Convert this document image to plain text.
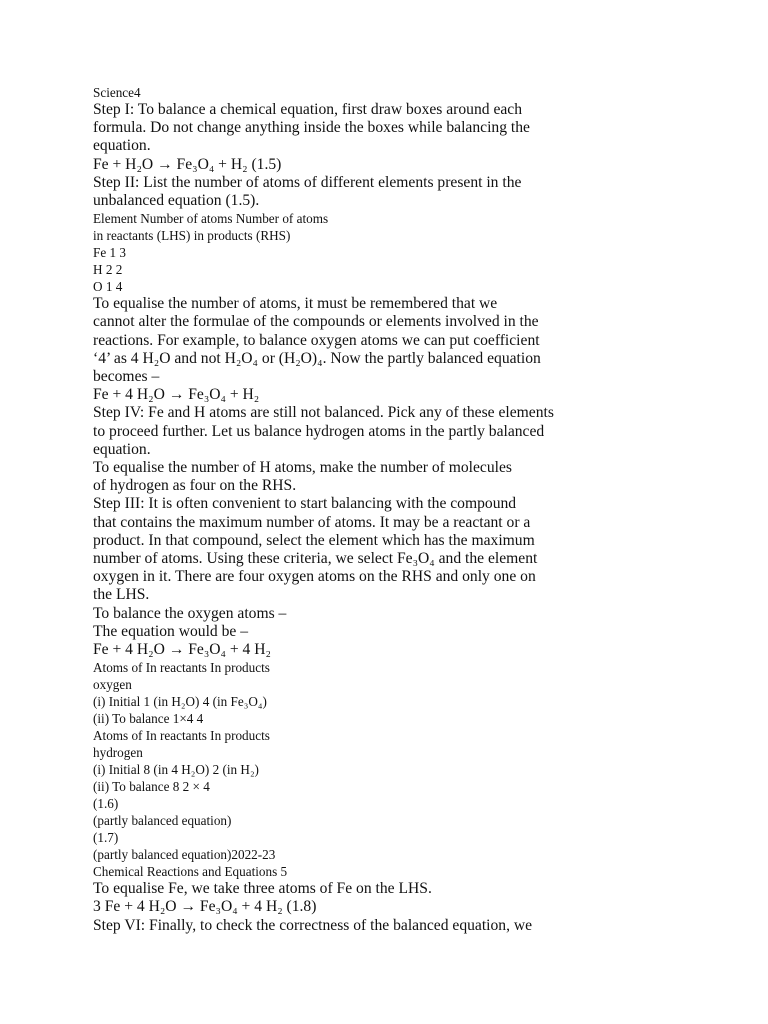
Science4
Step I: To balance a chemical equation, first draw boxes around each
formula. Do not change anything inside the boxes while balancing the
equation.
Fe + H₂O → Fe₃O₄ + H₂ (1.5)
Step II: List the number of atoms of different elements present in the
unbalanced equation (1.5).
Element Number of atoms Number of atoms
in reactants (LHS) in products (RHS)
Fe 1 3
H 2 2
O 1 4
To equalise the number of atoms, it must be remembered that we
cannot alter the formulae of the compounds or elements involved in the
reactions. For example, to balance oxygen atoms we can put coefficient
‘4’ as 4 H₂O and not H₂O₄ or (H₂O)₄. Now the partly balanced equation
becomes –
Fe + 4 H₂O → Fe₃O₄ + H₂
Step IV: Fe and H atoms are still not balanced. Pick any of these elements
to proceed further. Let us balance hydrogen atoms in the partly balanced
equation.
To equalise the number of H atoms, make the number of molecules
of hydrogen as four on the RHS.
Step III: It is often convenient to start balancing with the compound
that contains the maximum number of atoms. It may be a reactant or a
product. In that compound, select the element which has the maximum
number of atoms. Using these criteria, we select Fe₃O₄ and the element
oxygen in it. There are four oxygen atoms on the RHS and only one on
the LHS.
To balance the oxygen atoms –
The equation would be –
Fe + 4 H₂O → Fe₃O₄ + 4 H₂
Atoms of In reactants In products
oxygen
(i) Initial 1 (in H₂O) 4 (in Fe₃O₄)
(ii) To balance 1×4 4
Atoms of In reactants In products
hydrogen
(i) Initial 8 (in 4 H₂O) 2 (in H₂)
(ii) To balance 8 2 × 4
(1.6)
(partly balanced equation)
(1.7)
(partly balanced equation)2022-23
Chemical Reactions and Equations 5
To equalise Fe, we take three atoms of Fe on the LHS.
3 Fe + 4 H₂O → Fe₃O₄ + 4 H₂ (1.8)
Step VI: Finally, to check the correctness of the balanced equation, we
